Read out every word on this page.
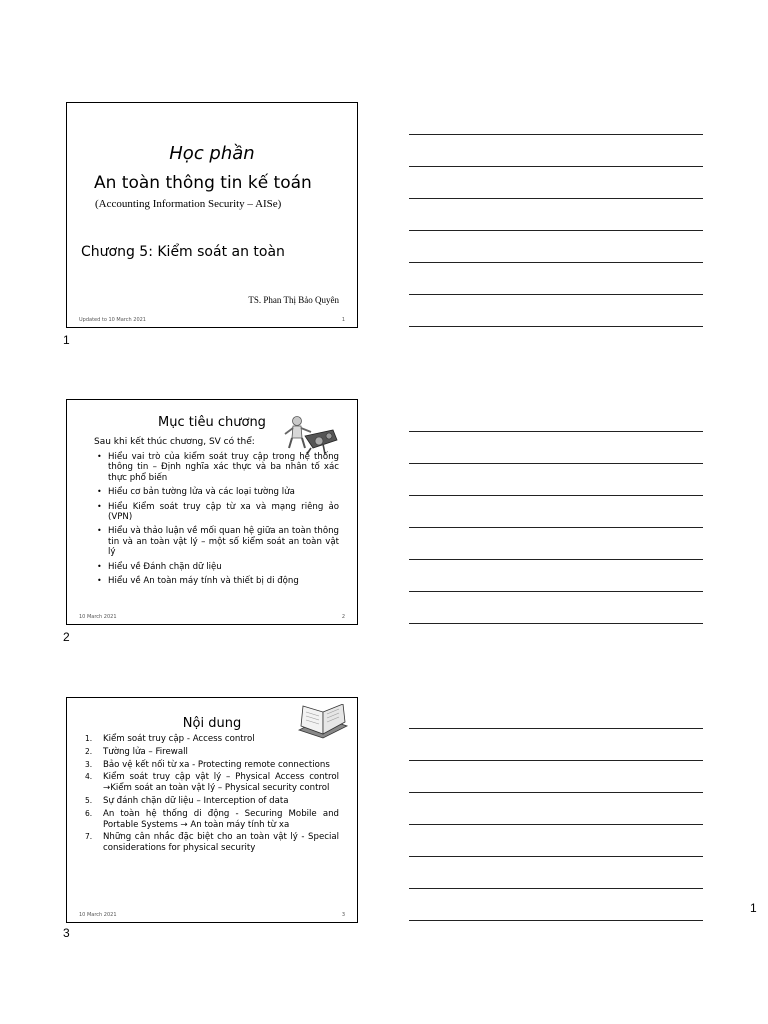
Học phần
An toàn thông tin kế toán
(Accounting Information Security – AISe)
Chương 5: Kiểm soát an toàn
TS. Phan Thị Bảo Quyên
Updated to 10 March 2021	1
1
Mục tiêu chương
Sau khi kết thúc chương, SV có thể:
• Hiểu vai trò của kiểm soát truy cập trong hệ thống thông tin – Định nghĩa xác thực và ba nhân tố xác thực phổ biến
• Hiểu cơ bản tường lửa và các loại tường lửa
• Hiểu Kiểm soát truy cập từ xa và mạng riêng ảo (VPN)
• Hiểu và thảo luận về mối quan hệ giữa an toàn thông tin và an toàn vật lý – một số kiểm soát an toàn vật lý
• Hiểu về Đánh chặn dữ liệu
• Hiểu về An toàn máy tính và thiết bị di động
10 March 2021	2
2
Nội dung
1. Kiểm soát truy cập - Access control
2. Tường lửa – Firewall
3. Bảo vệ kết nối từ xa - Protecting remote connections
4. Kiểm soát truy cập vật lý – Physical Access control →Kiểm soát an toàn vật lý – Physical security control
5. Sự đánh chặn dữ liệu – Interception of data
6. An toàn hệ thống di động - Securing Mobile and Portable Systems → An toàn máy tính từ xa
7. Những cân nhắc đặc biệt cho an toàn vật lý - Special considerations for physical security
10 March 2021	3
3
1
